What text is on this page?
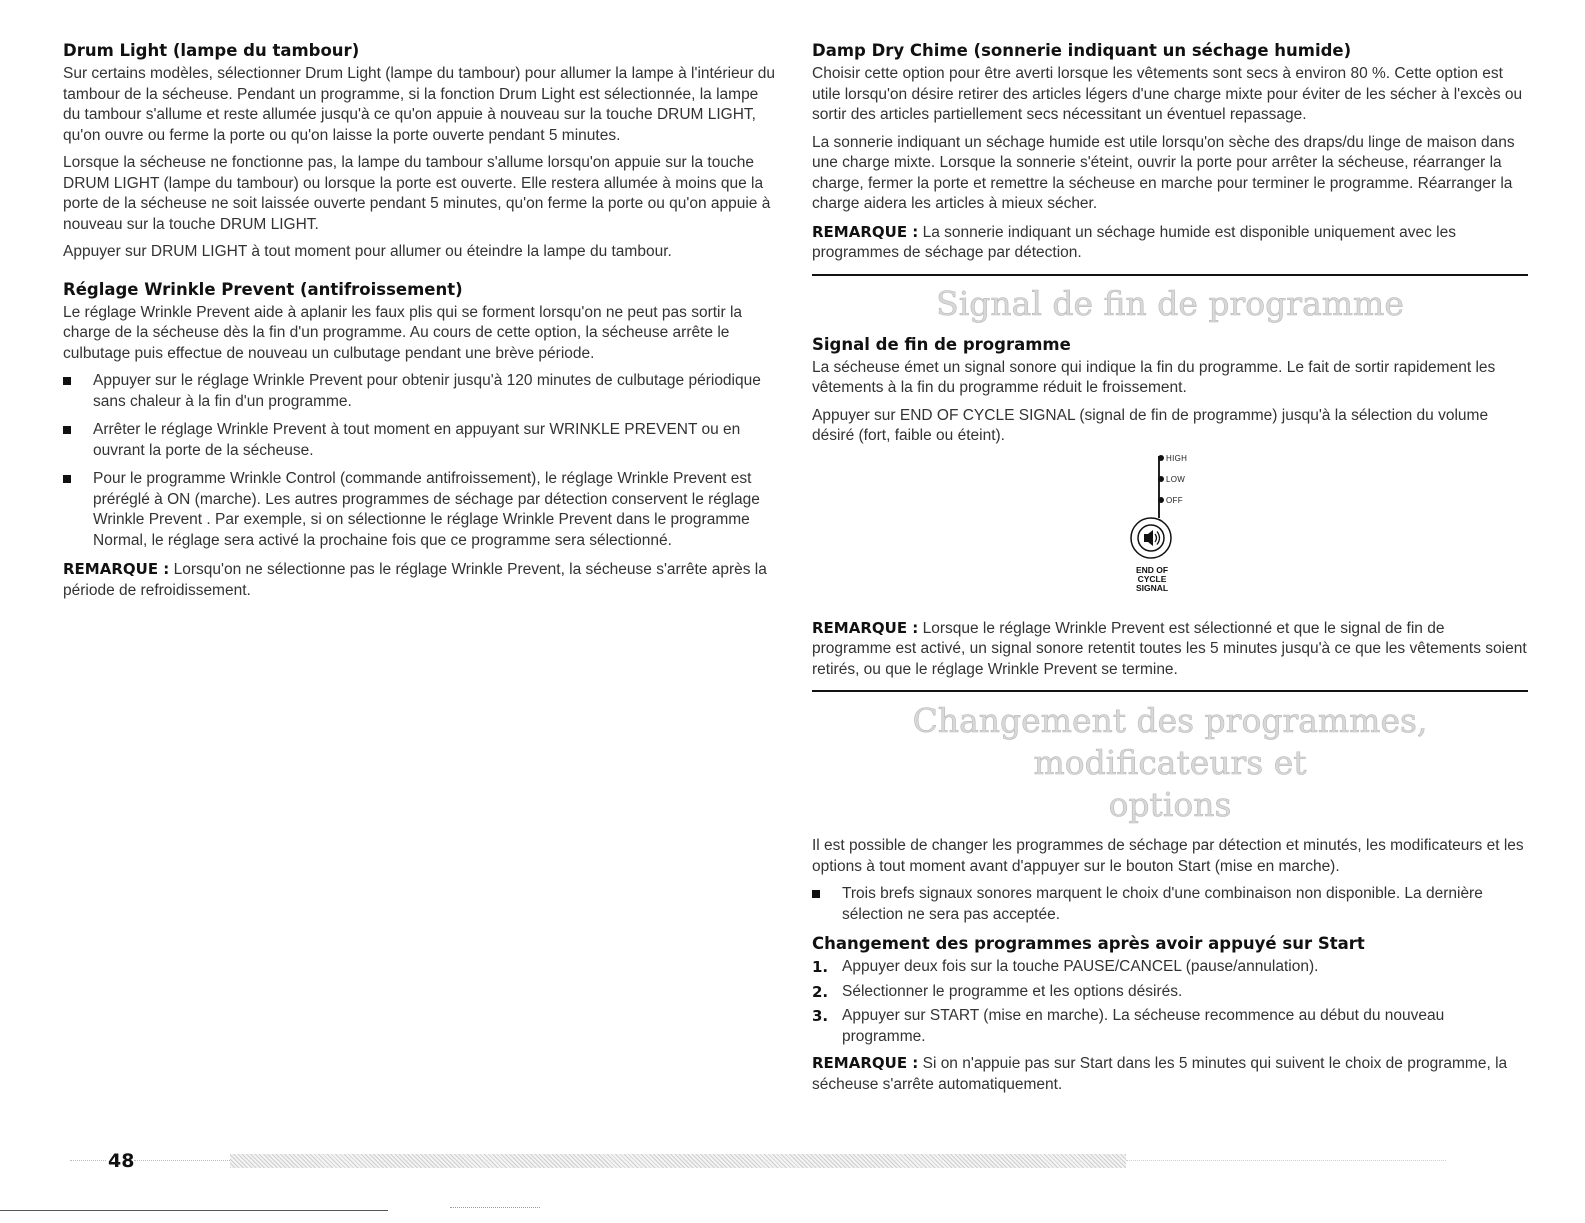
Drum Light (lampe du tambour)

Sur certains modèles, sélectionner Drum Light (lampe du tambour) pour allumer la lampe à l'intérieur du tambour de la sécheuse. Pendant un programme, si la fonction Drum Light est sélectionnée, la lampe du tambour s'allume et reste allumée jusqu'à ce qu'on appuie à nouveau sur la touche DRUM LIGHT, qu'on ouvre ou ferme la porte ou qu'on laisse la porte ouverte pendant 5 minutes.

Lorsque la sécheuse ne fonctionne pas, la lampe du tambour s'allume lorsqu'on appuie sur la touche DRUM LIGHT (lampe du tambour) ou lorsque la porte est ouverte. Elle restera allumée à moins que la porte de la sécheuse ne soit laissée ouverte pendant 5 minutes, qu'on ferme la porte ou qu'on appuie à nouveau sur la touche DRUM LIGHT.

Appuyer sur DRUM LIGHT à tout moment pour allumer ou éteindre la lampe du tambour.

Réglage Wrinkle Prevent (antifroissement)

Le réglage Wrinkle Prevent aide à aplanir les faux plis qui se forment lorsqu'on ne peut pas sortir la charge de la sécheuse dès la fin d'un programme. Au cours de cette option, la sécheuse arrête le culbutage puis effectue de nouveau un culbutage pendant une brève période.

Appuyer sur le réglage Wrinkle Prevent pour obtenir jusqu'à 120 minutes de culbutage périodique sans chaleur à la fin d'un programme.
Arrêter le réglage Wrinkle Prevent à tout moment en appuyant sur WRINKLE PREVENT ou en ouvrant la porte de la sécheuse.
Pour le programme Wrinkle Control (commande antifroissement), le réglage Wrinkle Prevent est préréglé à ON (marche). Les autres programmes de séchage par détection conservent le réglage Wrinkle Prevent . Par exemple, si on sélectionne le réglage Wrinkle Prevent dans le programme Normal, le réglage sera activé la prochaine fois que ce programme sera sélectionné.

REMARQUE : Lorsqu'on ne sélectionne pas le réglage Wrinkle Prevent, la sécheuse s'arrête après la période de refroidissement.

Damp Dry Chime (sonnerie indiquant un séchage humide)

Choisir cette option pour être averti lorsque les vêtements sont secs à environ 80 %. Cette option est utile lorsqu'on désire retirer des articles légers d'une charge mixte pour éviter de les sécher à l'excès ou sortir des articles partiellement secs nécessitant un éventuel repassage.

La sonnerie indiquant un séchage humide est utile lorsqu'on sèche des draps/du linge de maison dans une charge mixte. Lorsque la sonnerie s'éteint, ouvrir la porte pour arrêter la sécheuse, réarranger la charge, fermer la porte et remettre la sécheuse en marche pour terminer le programme. Réarranger la charge aidera les articles à mieux sécher.

REMARQUE : La sonnerie indiquant un séchage humide est disponible uniquement avec les programmes de séchage par détection.

Signal de fin de programme
Signal de fin de programme

La sécheuse émet un signal sonore qui indique la fin du programme. Le fait de sortir rapidement les vêtements à la fin du programme réduit le froissement.

Appuyer sur END OF CYCLE SIGNAL (signal de fin de programme) jusqu'à la sélection du volume désiré (fort, faible ou éteint).

HIGH
LOW
OFF
END OF
CYCLE
SIGNAL

REMARQUE : Lorsque le réglage Wrinkle Prevent est sélectionné et que le signal de fin de programme est activé, un signal sonore retentit toutes les 5 minutes jusqu'à ce que les vêtements soient retirés, ou que le réglage Wrinkle Prevent se termine.

Changement des programmes, modificateurs et
options

Il est possible de changer les programmes de séchage par détection et minutés, les modificateurs et les options à tout moment avant d'appuyer sur le bouton Start (mise en marche).

Trois brefs signaux sonores marquent le choix d'une combinaison non disponible. La dernière sélection ne sera pas acceptée.
Changement des programmes après avoir appuyé sur Start
1. Appuyer deux fois sur la touche PAUSE/CANCEL (pause/annulation).
2. Sélectionner le programme et les options désirés.
3. Appuyer sur START (mise en marche). La sécheuse recommence au début du nouveau programme.

REMARQUE : Si on n'appuie pas sur Start dans les 5 minutes qui suivent le choix de programme, la sécheuse s'arrête automatiquement.

48
